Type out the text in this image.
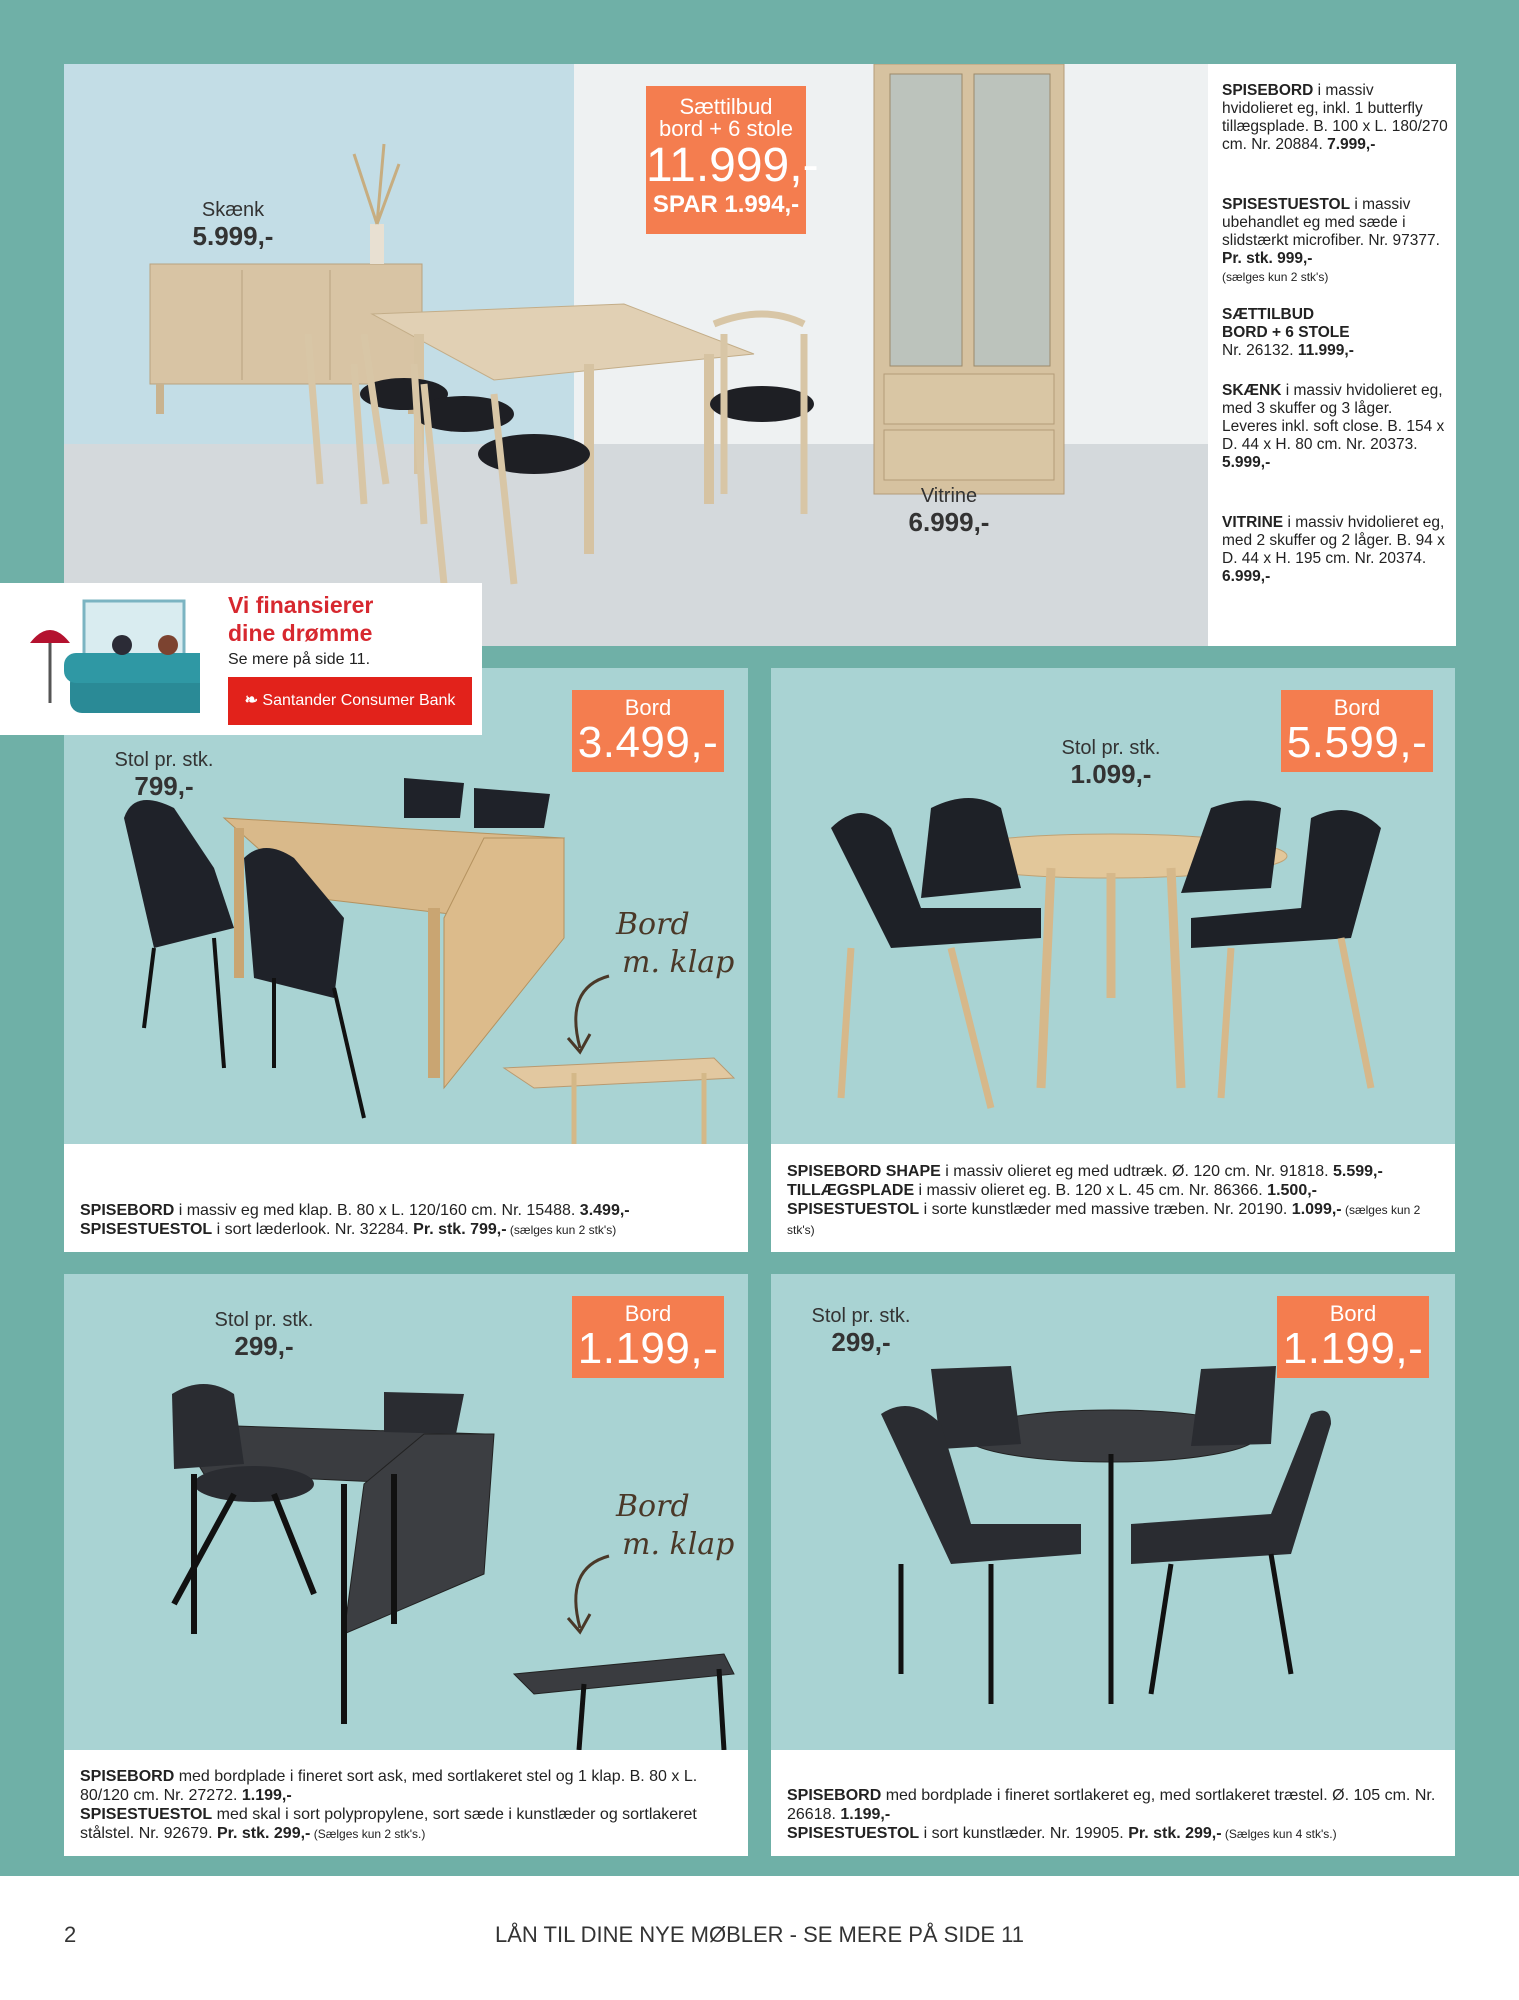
Sættilbud
bord + 6 stole
11.999,-
SPAR 1.994,-
Skænk
5.999,-
Vitrine
6.999,-

SPISEBORD i massiv hvidolieret eg, inkl. 1 butterfly tillægsplade. B. 100 x L. 180/270 cm. Nr. 20884. 7.999,-

SPISESTUESTOL i massiv ubehandlet eg med sæde i slidstærkt microfiber. Nr. 97377. Pr. stk. 999,-
(sælges kun 2 stk's)

SÆTTILBUD
BORD + 6 STOLE
Nr. 26132. 11.999,-

SKÆNK i massiv hvidolieret eg, med 3 skuffer og 3 låger. Leveres inkl. soft close. B. 154 x D. 44 x H. 80 cm. Nr. 20373. 5.999,-

VITRINE i massiv hvidolieret eg, med 2 skuffer og 2 låger. B. 94 x D. 44 x H. 195 cm. Nr. 20374. 6.999,-

Bord
3.499,-
Stol pr. stk.
799,-
Bord
m. klap
SPISEBORD i massiv eg med klap. B. 80 x L. 120/160 cm. Nr. 15488. 3.499,-
SPISESTUESTOL i sort læderlook. Nr. 32284. Pr. stk. 799,- (sælges kun 2 stk's)
Bord
5.599,-
Stol pr. stk.
1.099,-
SPISEBORD SHAPE i massiv olieret eg med udtræk. Ø. 120 cm. Nr. 91818. 5.599,- TILLÆGSPLADE i massiv olieret eg. B. 120 x L. 45 cm. Nr. 86366. 1.500,- SPISESTUESTOL i sorte kunstlæder med massive træben. Nr. 20190. 1.099,- (sælges kun 2 stk's)
Bord
1.199,-
Stol pr. stk.
299,-
Bord
m. klap
SPISEBORD med bordplade i fineret sort ask, med sortlakeret stel og 1 klap. B. 80 x L. 80/120 cm. Nr. 27272. 1.199,-
SPISESTUESTOL med skal i sort polypropylene, sort sæde i kunstlæder og sortlakeret stålstel. Nr. 92679. Pr. stk. 299,- (Sælges kun 2 stk's.)
Bord
1.199,-
Stol pr. stk.
299,-
SPISEBORD med bordplade i fineret sortlakeret eg, med sortlakeret træstel. Ø. 105 cm. Nr. 26618. 1.199,-
SPISESTUESTOL i sort kunstlæder. Nr. 19905. Pr. stk. 299,- (Sælges kun 4 stk's.)
Vi finansierer
dine drømme
Se mere på side 11.
❧ Santander Consumer Bank
LÅN TIL DINE NYE MØBLER - SE MERE PÅ SIDE 11
2
